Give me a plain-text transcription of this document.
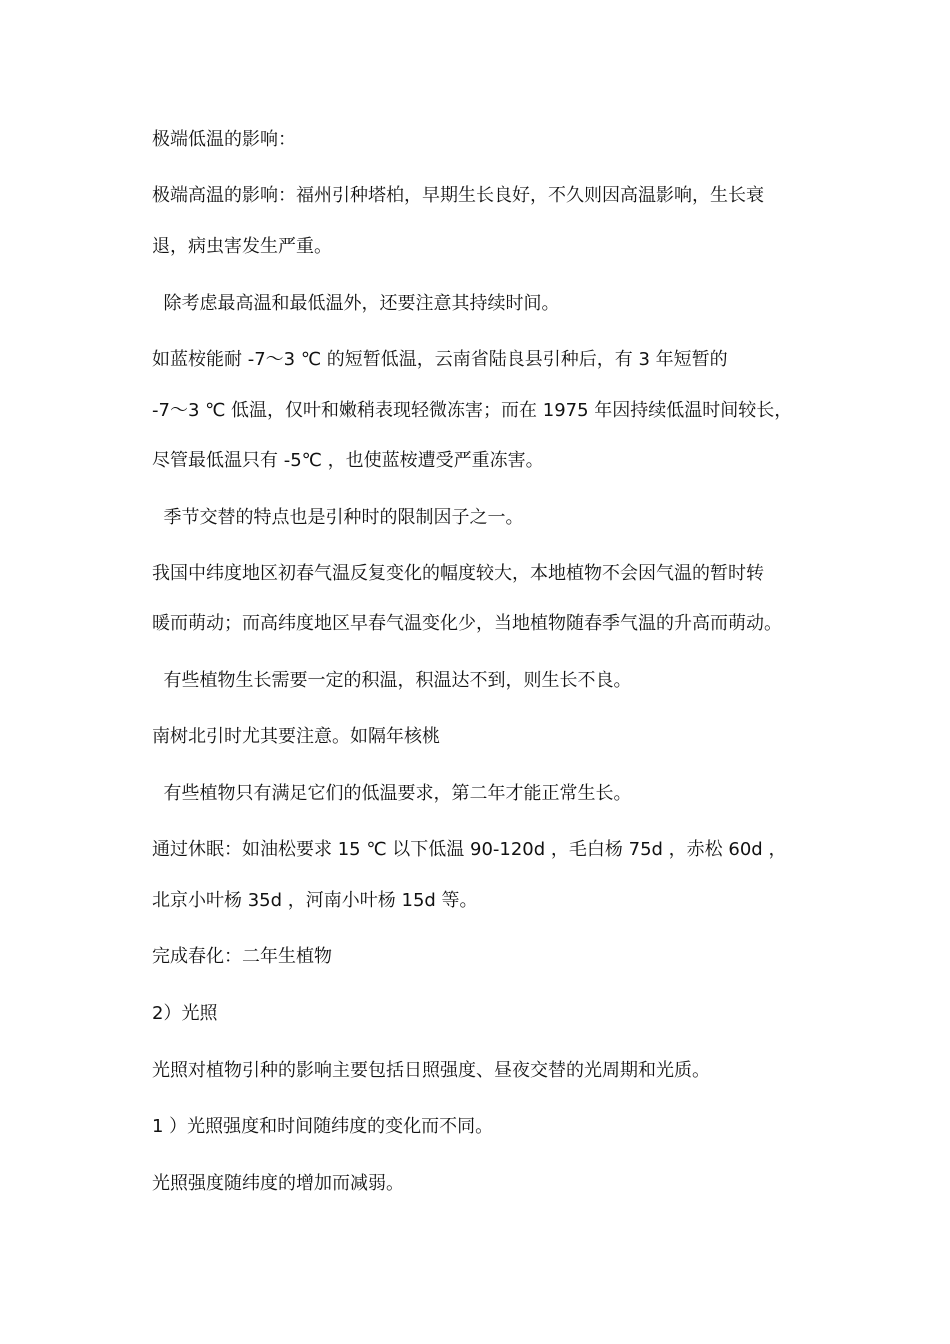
极端低温的影响：
极端高温的影响：福州引种塔柏，早期生长良好，不久则因高温影响，生长衰
退，病虫害发生严重。
除考虑最高温和最低温外，还要注意其持续时间。
如蓝桉能耐 -7～3 ℃ 的短暂低温，云南省陆良县引种后，有 3 年短暂的
-7～3 ℃ 低温，仅叶和嫩稍表现轻微冻害；而在 1975 年因持续低温时间较长，
尽管最低温只有 -5℃ ，也使蓝桉遭受严重冻害。
季节交替的特点也是引种时的限制因子之一。
我国中纬度地区初春气温反复变化的幅度较大，本地植物不会因气温的暂时转
暖而萌动；而高纬度地区早春气温变化少，当地植物随春季气温的升高而萌动。
有些植物生长需要一定的积温，积温达不到，则生长不良。
南树北引时尤其要注意。如隔年核桃
有些植物只有满足它们的低温要求，第二年才能正常生长。
通过休眠：如油松要求 15 ℃ 以下低温 90-120d ，毛白杨 75d ，赤松 60d ，
北京小叶杨 35d ，河南小叶杨 15d 等。
完成春化：二年生植物
2）光照
光照对植物引种的影响主要包括日照强度、昼夜交替的光周期和光质。
1 ）光照强度和时间随纬度的变化而不同。
光照强度随纬度的增加而减弱。
